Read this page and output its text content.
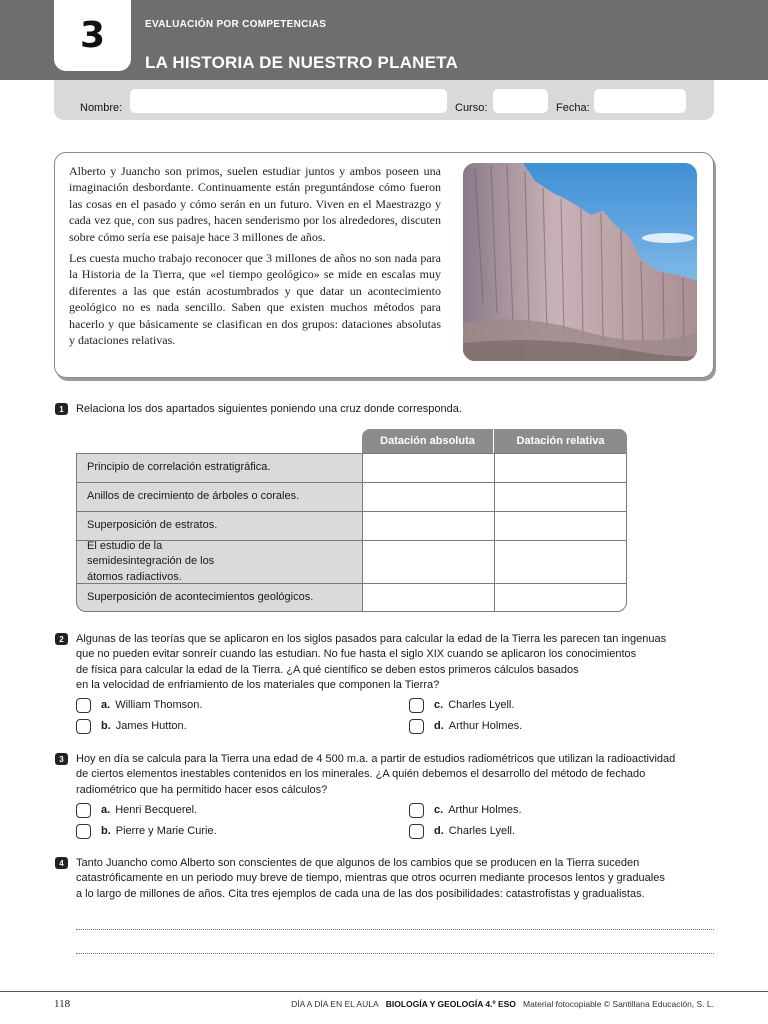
3	EVALUACIÓN POR COMPETENCIAS
LA HISTORIA DE NUESTRO PLANETA
Nombre:	Curso:	Fecha:

Alberto y Juancho son primos, suelen estudiar juntos y ambos poseen una imaginación desbordante. Continuamente están preguntándose cómo fueron las cosas en el pasado y cómo serán en un futuro. Viven en el Maestrazgo y cada vez que, con sus padres, hacen senderismo por los alrededores, discuten sobre cómo sería ese paisaje hace 3 millones de años.

Les cuesta mucho trabajo reconocer que 3 millones de años no son nada para la Historia de la Tierra, que «el tiempo geológico» se mide en escalas muy diferentes a las que están acostumbrados y que datar un acontecimiento geológico no es nada sencillo. Saben que existen muchos métodos para hacerlo y que básicamente se clasifican en dos grupos: dataciones absolutas y dataciones relativas.

1	Relaciona los dos apartados siguientes poniendo una cruz donde corresponda.
Datación absoluta	Datación relativa
Principio de correlación estratigráfica.
Anillos de crecimiento de árboles o corales.
Superposición de estratos.
El estudio de la semidesintegración de los átomos radiactivos.
Superposición de acontecimientos geológicos.
2	Algunas de las teorías que se aplicaron en los siglos pasados para calcular la edad de la Tierra les parecen tan ingenuas
que no pueden evitar sonreír cuando las estudian. No fue hasta el siglo XIX cuando se aplicaron los conocimientos
de física para calcular la edad de la Tierra. ¿A qué científico se deben estos primeros cálculos basados
en la velocidad de enfriamiento de los materiales que componen la Tierra?
a. William Thomson.
b. James Hutton.
c. Charles Lyell.
d. Arthur Holmes.
3	Hoy en día se calcula para la Tierra una edad de 4 500 m.a. a partir de estudios radiométricos que utilizan la radioactividad
de ciertos elementos inestables contenidos en los minerales. ¿A quién debemos el desarrollo del método de fechado
radiométrico que ha permitido hacer esos cálculos?
a. Henri Becquerel.
b. Pierre y Marie Curie.
c. Arthur Holmes.
d. Charles Lyell.
4	Tanto Juancho como Alberto son conscientes de que algunos de los cambios que se producen en la Tierra suceden
catastróficamente en un periodo muy breve de tiempo, mientras que otros ocurren mediante procesos lentos y graduales
a lo largo de millones de años. Cita tres ejemplos de cada una de las dos posibilidades: catastrofistas y gradualistas.
118	DÍA A DÍA EN EL AULA BIOLOGÍA Y GEOLOGÍA 4.º ESO Material fotocopiable © Santillana Educación, S. L.
